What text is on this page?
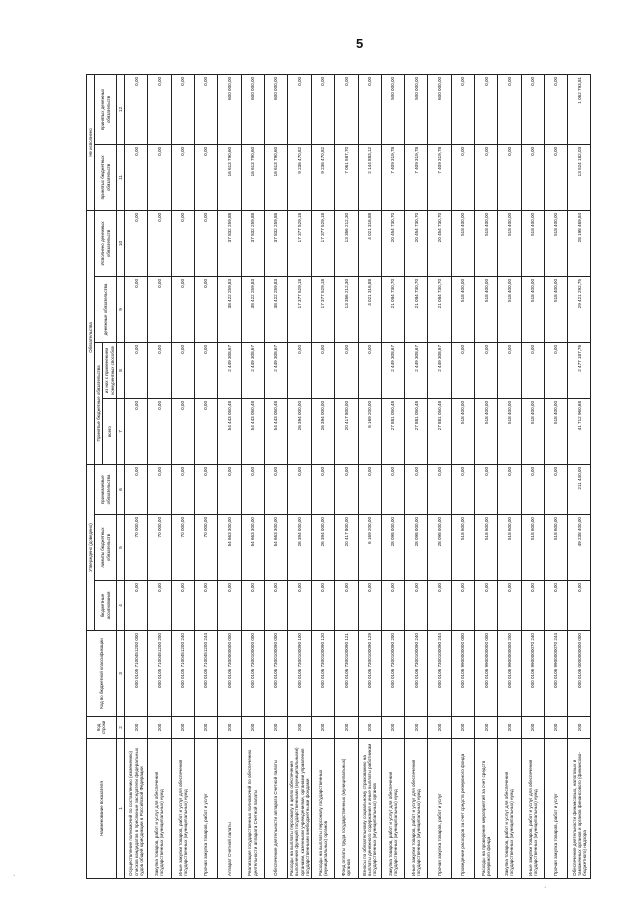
5
Наименование показателя	Код строки	Код по бюджетной классификации	Утверждено (доведено)			Обязательства				Не исполнено	
			бюджетные ассигнования	лимиты бюджетных обязательств	принимаемые обязательства	Принятые бюджетные обязательства		денежные обязательства	Исполнено денежных обязательств	принятых бюджетных обязательств	принятых денежных обязательств
						всего	из них с применением конкурентных способов				
1	2	3	4	5	6	7	8	9	10	11	12
Осуществление полномочий по составлению (изменению) списков кандидатов в присяжные заседатели федеральных судов общей юрисдикции в Российской Федерации	200	000 0105 7100451200 000	0,00	70 000,00	0,00	0,00	0,00	0,00	0,00	0,00	0,00
Закупка товаров, работ и услуг для обеспечения государственных (муниципальных) нужд	200	000 0105 7100451200 200	0,00	70 000,00	0,00	0,00	0,00	0,00	0,00	0,00	0,00
Иные закупки товаров, работ и услуг для обеспечения государственных (муниципальных) нужд	200	000 0105 7100451200 240	0,00	70 000,00	0,00	0,00	0,00	0,00	0,00	0,00	0,00
Прочая закупка товаров, работ и услуг	200	000 0105 7100451200 244	0,00	70 000,00	0,00	0,00	0,00	0,00	0,00	0,00	0,00
Аппарат Счетной палаты	200	000 0106 7300000000 000	0,00	54 663 300,00	0,00	54 443 050,48	2 449 308,67	38 422 259,83	37 832 259,88	16 613 790,60	600 000,00
Реализация государственных полномочий по обеспечению деятельности аппарата Счетной палаты	200	000 0106 7300100000 000	0,00	54 663 300,00	0,00	54 443 050,48	2 449 308,67	38 422 259,83	37 832 259,88	16 613 790,60	600 000,00
Обеспечение деятельности аппарата Счетной палаты	200	000 0106 7300100090 000	0,00	54 663 300,00	0,00	54 443 050,48	2 449 308,67	38 422 259,83	37 832 259,88	16 613 790,60	600 000,00
Расходы на выплаты персоналу в целях обеспечения выполнения функций государственными (муниципальными) органами, казенными учреждениями, органами управления государственными внебюджетными фондами	200	000 0106 7300100090 100	0,00	26 394 000,00	0,00	26 394 000,00	0,00	17 377 529,18	17 377 529,18	9 236 470,82	0,00
Расходы на выплаты персоналу государственных (муниципальных) органов	200	000 0106 7300100090 120	0,00	26 394 000,00	0,00	26 394 000,00	0,00	17 377 529,18	17 377 529,18	9 236 470,82	0,00
Фонд оплаты труда государственных (муниципальных) органов	200	000 0106 7300100090 121	0,00	20 417 800,00	0,00	20 417 800,00	0,00	13 356 212,30	13 356 212,30	7 061 587,70	0,00
Взносы по обязательному социальному страхованию на выплаты денежного содержания и иные выплаты работникам государственных (муниципальных) органов	200	000 0106 7300100090 129	0,00	6 169 200,00	0,00	6 169 200,00	0,00	4 021 316,88	4 021 316,88	2 144 883,12	0,00
Закупка товаров, работ и услуг для обеспечения государственных (муниципальных) нужд	200	000 0106 7300100090 200	0,00	28 098 000,00	0,00	27 881 050,48	2 449 308,67	21 084 730,70	20 454 730,70	7 409 319,78	500 000,00
Иные закупки товаров, работ и услуг для обеспечения государственных (муниципальных) нужд	200	000 0106 7300100090 240	0,00	28 098 000,00	0,00	27 881 050,48	2 449 308,67	21 084 730,70	20 454 730,70	7 409 319,78	500 000,00
Прочая закупка товаров, работ и услуг	200	000 0106 7300100090 244	0,00	28 098 000,00	0,00	27 881 050,48	2 449 308,67	21 084 730,70	20 454 730,70	7 409 319,78	600 000,00
Проведение расходов за счет средств резервного фонда	200	000 0106 9900000000 000	0,00	518 600,00	0,00	518 400,00	0,00	518 400,00	518 400,00	0,00	0,00
Расходы на проведение мероприятий за счет средств резервного фонда	200	000 0106 9900000000 000	0,00	518 600,00	0,00	518 400,00	0,00	518 400,00	518 400,00	0,00	0,00
Закупка товаров, работ и услуг для обеспечения государственных (муниципальных) нужд	200	000 0106 9900000000 200	0,00	518 600,00	0,00	518 400,00	0,00	518 400,00	518 400,00	0,00	0,00
Иные закупки товаров, работ и услуг для обеспечения государственных (муниципальных) нужд	200	000 0106 9900000070 240	0,00	518 600,00	0,00	518 400,00	0,00	518 400,00	518 400,00	0,00	0,00
Прочая закупка товаров, работ и услуг	200	000 0106 9900000070 244	0,00	518 600,00	0,00	518 400,00	0,00	518 400,00	518 400,00	0,00	0,00
Обеспечение деятельности финансовых, налоговых и таможенных органов и органов финансового (финансово-бюджетного) надзора	200	000 0106 0000000000 000	0,00	49 238 400,00	211 440,00	41 712 960,68	2 477 187,76	29 421 292,75	28 198 469,84	13 524 182,03	1 062 793,81
·
·
